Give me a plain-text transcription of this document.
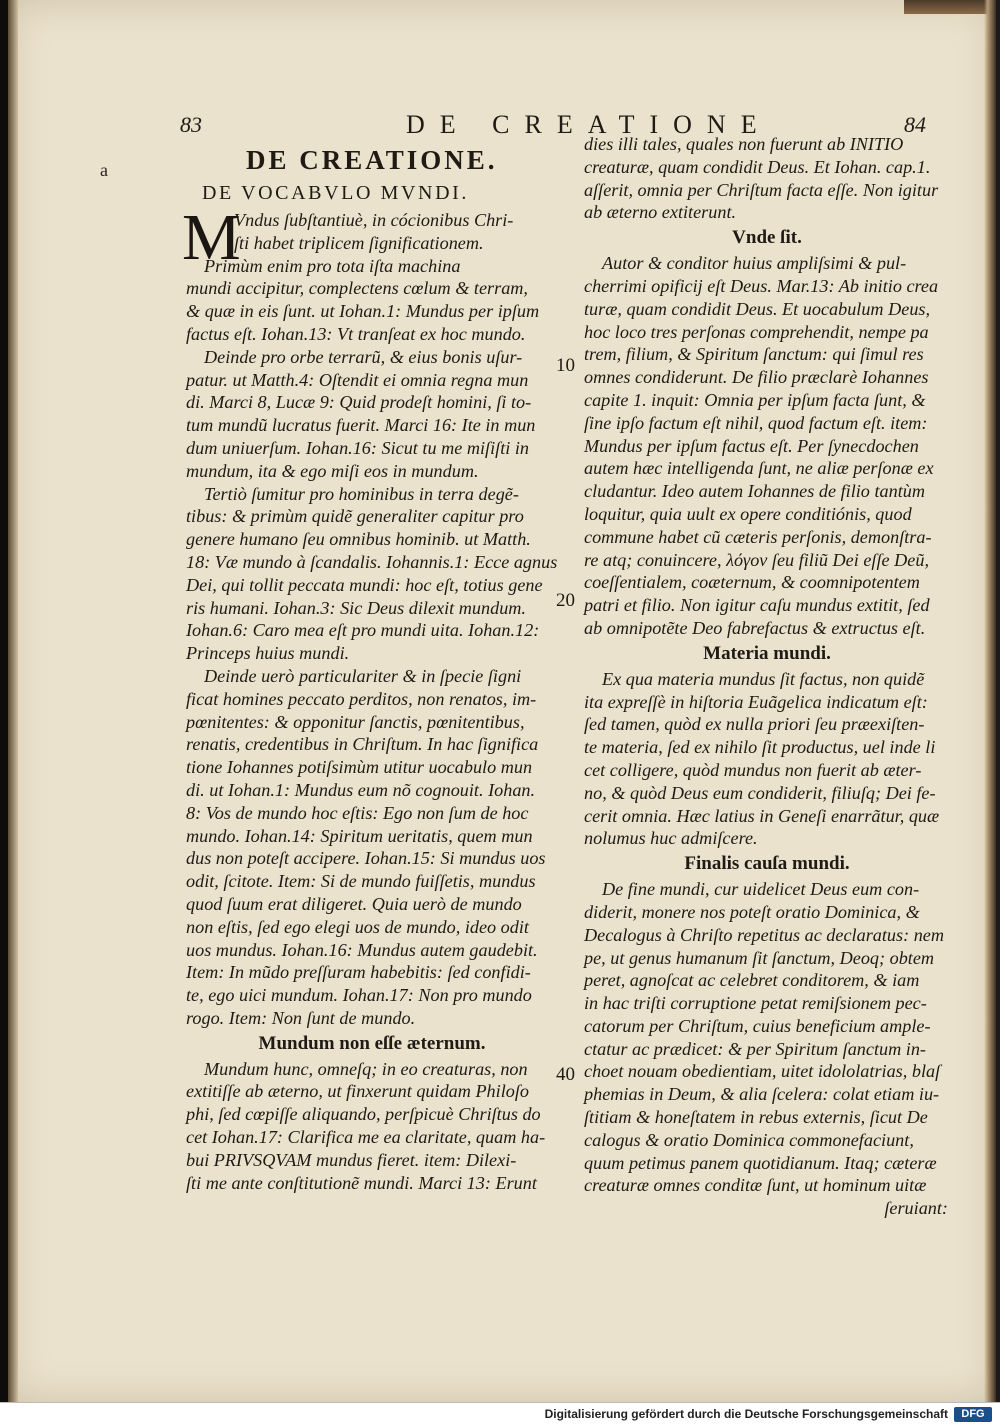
83	DE CREATIONE	84
a	DE CREATIONE.
DE VOCABVLO MVNDI.
M
Vndus ſubſtantiuè, in cócionibus Chri-
ſti habet triplicem ſignificationem.
Primùm enim pro tota iſta machina
mundi accipitur, complectens cœlum & terram,
& quæ in eis ſunt. ut Iohan.1: Mundus per ipſum
factus eſt. Iohan.13: Vt tranſeat ex hoc mundo.
Deinde pro orbe terrarũ, & eius bonis uſur-
patur. ut Matth.4: Oſtendit ei omnia regna mun
di. Marci 8, Lucæ 9: Quid prodeſt homini, ſi to-
tum mundũ lucratus fuerit. Marci 16: Ite in mun
dum uniuerſum. Iohan.16: Sicut tu me miſiſti in
mundum, ita & ego miſi eos in mundum.
Tertiò ſumitur pro hominibus in terra degẽ-
tibus: & primùm quidẽ generaliter capitur pro
genere humano ſeu omnibus hominib. ut Matth.
18: Væ mundo à ſcandalis. Iohannis.1: Ecce agnus
Dei, qui tollit peccata mundi: hoc eſt, totius gene
ris humani. Iohan.3: Sic Deus dilexit mundum.
Iohan.6: Caro mea eſt pro mundi uita. Iohan.12:
Princeps huius mundi.
Deinde uerò particulariter & in ſpecie ſigni
ficat homines peccato perditos, non renatos, im-
pœnitentes: & opponitur ſanctis, pœnitentibus,
renatis, credentibus in Chriſtum. In hac ſignifica
tione Iohannes potiſsimùm utitur uocabulo mun
di. ut Iohan.1: Mundus eum nõ cognouit. Iohan.
8: Vos de mundo hoc eſtis: Ego non ſum de hoc
mundo. Iohan.14: Spiritum ueritatis, quem mun
dus non poteſt accipere. Iohan.15: Si mundus uos
odit, ſcitote. Item: Si de mundo fuiſſetis, mundus
quod ſuum erat diligeret. Quia uerò de mundo
non eſtis, ſed ego elegi uos de mundo, ideo odit
uos mundus. Iohan.16: Mundus autem gaudebit.
Item: In mũdo preſſuram habebitis: ſed confidi-
te, ego uici mundum. Iohan.17: Non pro mundo
rogo. Item: Non ſunt de mundo.
Mundum non eſſe æternum.
Mundum hunc, omneſq; in eo creaturas, non
extitiſſe ab æterno, ut finxerunt quidam Philoſo
phi, ſed cœpiſſe aliquando, perſpicuè Chriſtus do
cet Iohan.17: Clarifica me ea claritate, quam ha-
bui PRIVSQVAM mundus fieret. item: Dilexi-
ſti me ante conſtitutionẽ mundi. Marci 13: Erunt
10
20
40
dies illi tales, quales non fuerunt ab INITIO
creaturæ, quam condidit Deus. Et Iohan. cap.1.
aſſerit, omnia per Chriſtum facta eſſe. Non igitur
ab æterno extiterunt.
Vnde ſit.
Autor & conditor huius ampliſsimi & pul-
cherrimi opificij eſt Deus. Mar.13: Ab initio crea
turæ, quam condidit Deus. Et uocabulum Deus,
hoc loco tres perſonas comprehendit, nempe pa
trem, filium, & Spiritum ſanctum: qui ſimul res
omnes condiderunt. De filio præclarè Iohannes
capite 1. inquit: Omnia per ipſum facta ſunt, &
ſine ipſo factum eſt nihil, quod factum eſt. item:
Mundus per ipſum factus eſt. Per ſynecdochen
autem hæc intelligenda ſunt, ne aliæ perſonæ ex
cludantur. Ideo autem Iohannes de filio tantùm
loquitur, quia uult ex opere conditiónis, quod
commune habet cũ cæteris perſonis, demonſtra-
re atq; conuincere, λόγον ſeu filiũ Dei eſſe Deũ,
coeſſentialem, coæternum, & coomnipotentem
patri et filio. Non igitur caſu mundus extitit, ſed
ab omnipotẽte Deo fabrefactus & extructus eſt.
Materia mundi.
Ex qua materia mundus ſit factus, non quidẽ
ita expreſſè in hiſtoria Euãgelica indicatum eſt:
ſed tamen, quòd ex nulla priori ſeu præexiſten-
te materia, ſed ex nihilo ſit productus, uel inde li
cet colligere, quòd mundus non fuerit ab æter-
no, & quòd Deus eum condiderit, filiuſq; Dei fe-
cerit omnia. Hæc latius in Geneſi enarrãtur, quæ
nolumus huc admiſcere.
Finalis cauſa mundi.
De fine mundi, cur uidelicet Deus eum con-
diderit, monere nos poteſt oratio Dominica, &
Decalogus à Chriſto repetitus ac declaratus: nem
pe, ut genus humanum ſit ſanctum, Deoq; obtem
peret, agnoſcat ac celebret conditorem, & iam
in hac triſti corruptione petat remiſsionem pec-
catorum per Chriſtum, cuius beneficium ample-
ctatur ac prædicet: & per Spiritum ſanctum in-
choet nouam obedientiam, uitet idololatrias, blaſ
phemias in Deum, & alia ſcelera: colat etiam iu-
ſtitiam & honeſtatem in rebus externis, ſicut De
calogus & oratio Dominica commonefaciunt,
quum petimus panem quotidianum. Itaq; cæteræ
creaturæ omnes conditæ ſunt, ut hominum uitæ
ſeruiant:
Digitalisierung gefördert durch die Deutsche Forschungsgemeinschaft	DFG
